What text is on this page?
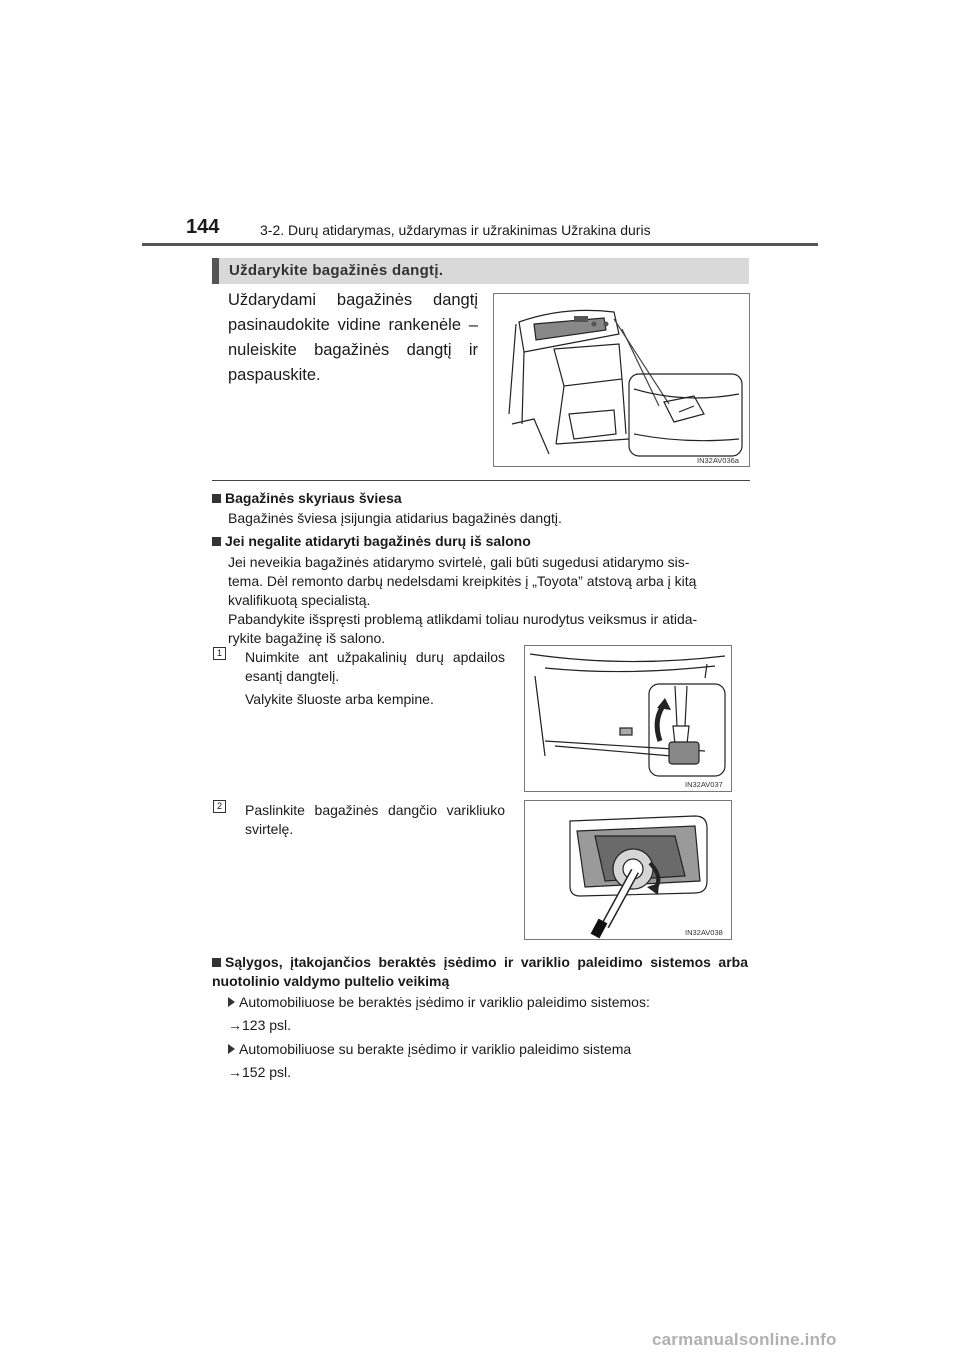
144	3-2. Durų atidarymas, uždarymas ir užrakinimas Užrakina duris
Uždarykite bagažinės dangtį.
Uždarydami bagažinės dangtį pasinaudokite vidine rankenėle – nuleiskite bagažinės dangtį ir paspauskite.
IN32AV036a
Bagažinės skyriaus šviesa
Bagažinės šviesa įsijungia atidarius bagažinės dangtį.
Jei negalite atidaryti bagažinės durų iš salono
Jei neveikia bagažinės atidarymo svirtelė, gali būti sugedusi atidarymo sis-
tema. Dėl remonto darbų nedelsdami kreipkitės į „Toyota” atstovą arba į kitą
kvalifikuotą specialistą.
Pabandykite išspręsti problemą atlikdami toliau nurodytus veiksmus ir atida-
rykite bagažinę iš salono.
1 Nuimkite ant užpakalinių durų apdailos esantį dangtelį.
Valykite šluoste arba kempine.
IN32AV037
2 Paslinkite bagažinės dangčio varikliuko svirtelę.
IN32AV038
Sąlygos, įtakojančios beraktės įsėdimo ir variklio paleidimo sistemos arba nuotolinio valdymo pultelio veikimą
Automobiliuose be beraktės įsėdimo ir variklio paleidimo sistemos:
→123 psl.
Automobiliuose su berakte įsėdimo ir variklio paleidimo sistema
→152 psl.
carmanualsonline.info
